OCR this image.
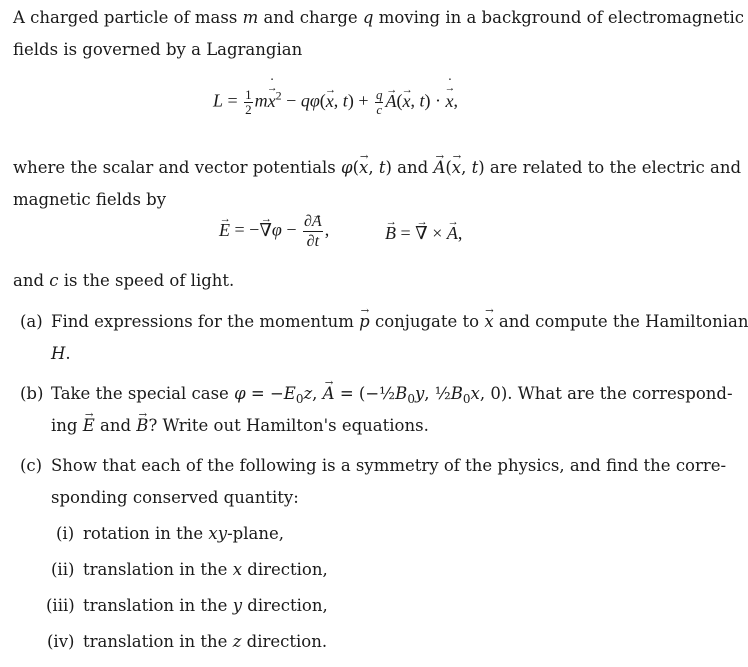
A charged particle of mass m and charge q moving in a background of electromagnetic
fields is governed by a Lagrangian
$L = \frac{1}{2} m\to x$ ˙$^2$ − qφ(→ x, $t) + \frac{q}{c}$
→ A(→ x, t) · → x ˙,
where the scalar and vector potentials φ(→ x, t) and → A(→ x, t) are related to the electric and
magnetic fields by
→ E = −→ $\nabla\varphi - \frac{\partial\to A}{\partial t}$ ,
→	B = → ∇ × → A,
and c is the speed of light.
(a) Find expressions for the momentum → p conjugate to → x and compute the Hamiltonian
H.
(b) Take the special case $\varphi = -E_0z$, → $A = (-\frac{1}{2}B_0y$, $\frac{1}{2}B_0x$, 0). What are the correspond-
ing → E and → B? Write out Hamilton's equations.
(c) Show that each of the following is a symmetry of the physics, and find the corre-
sponding conserved quantity:
(i) rotation in the xy-plane,
(ii) translation in the x direction,
(iii) translation in the y direction,
(iv) translation in the z direction.
